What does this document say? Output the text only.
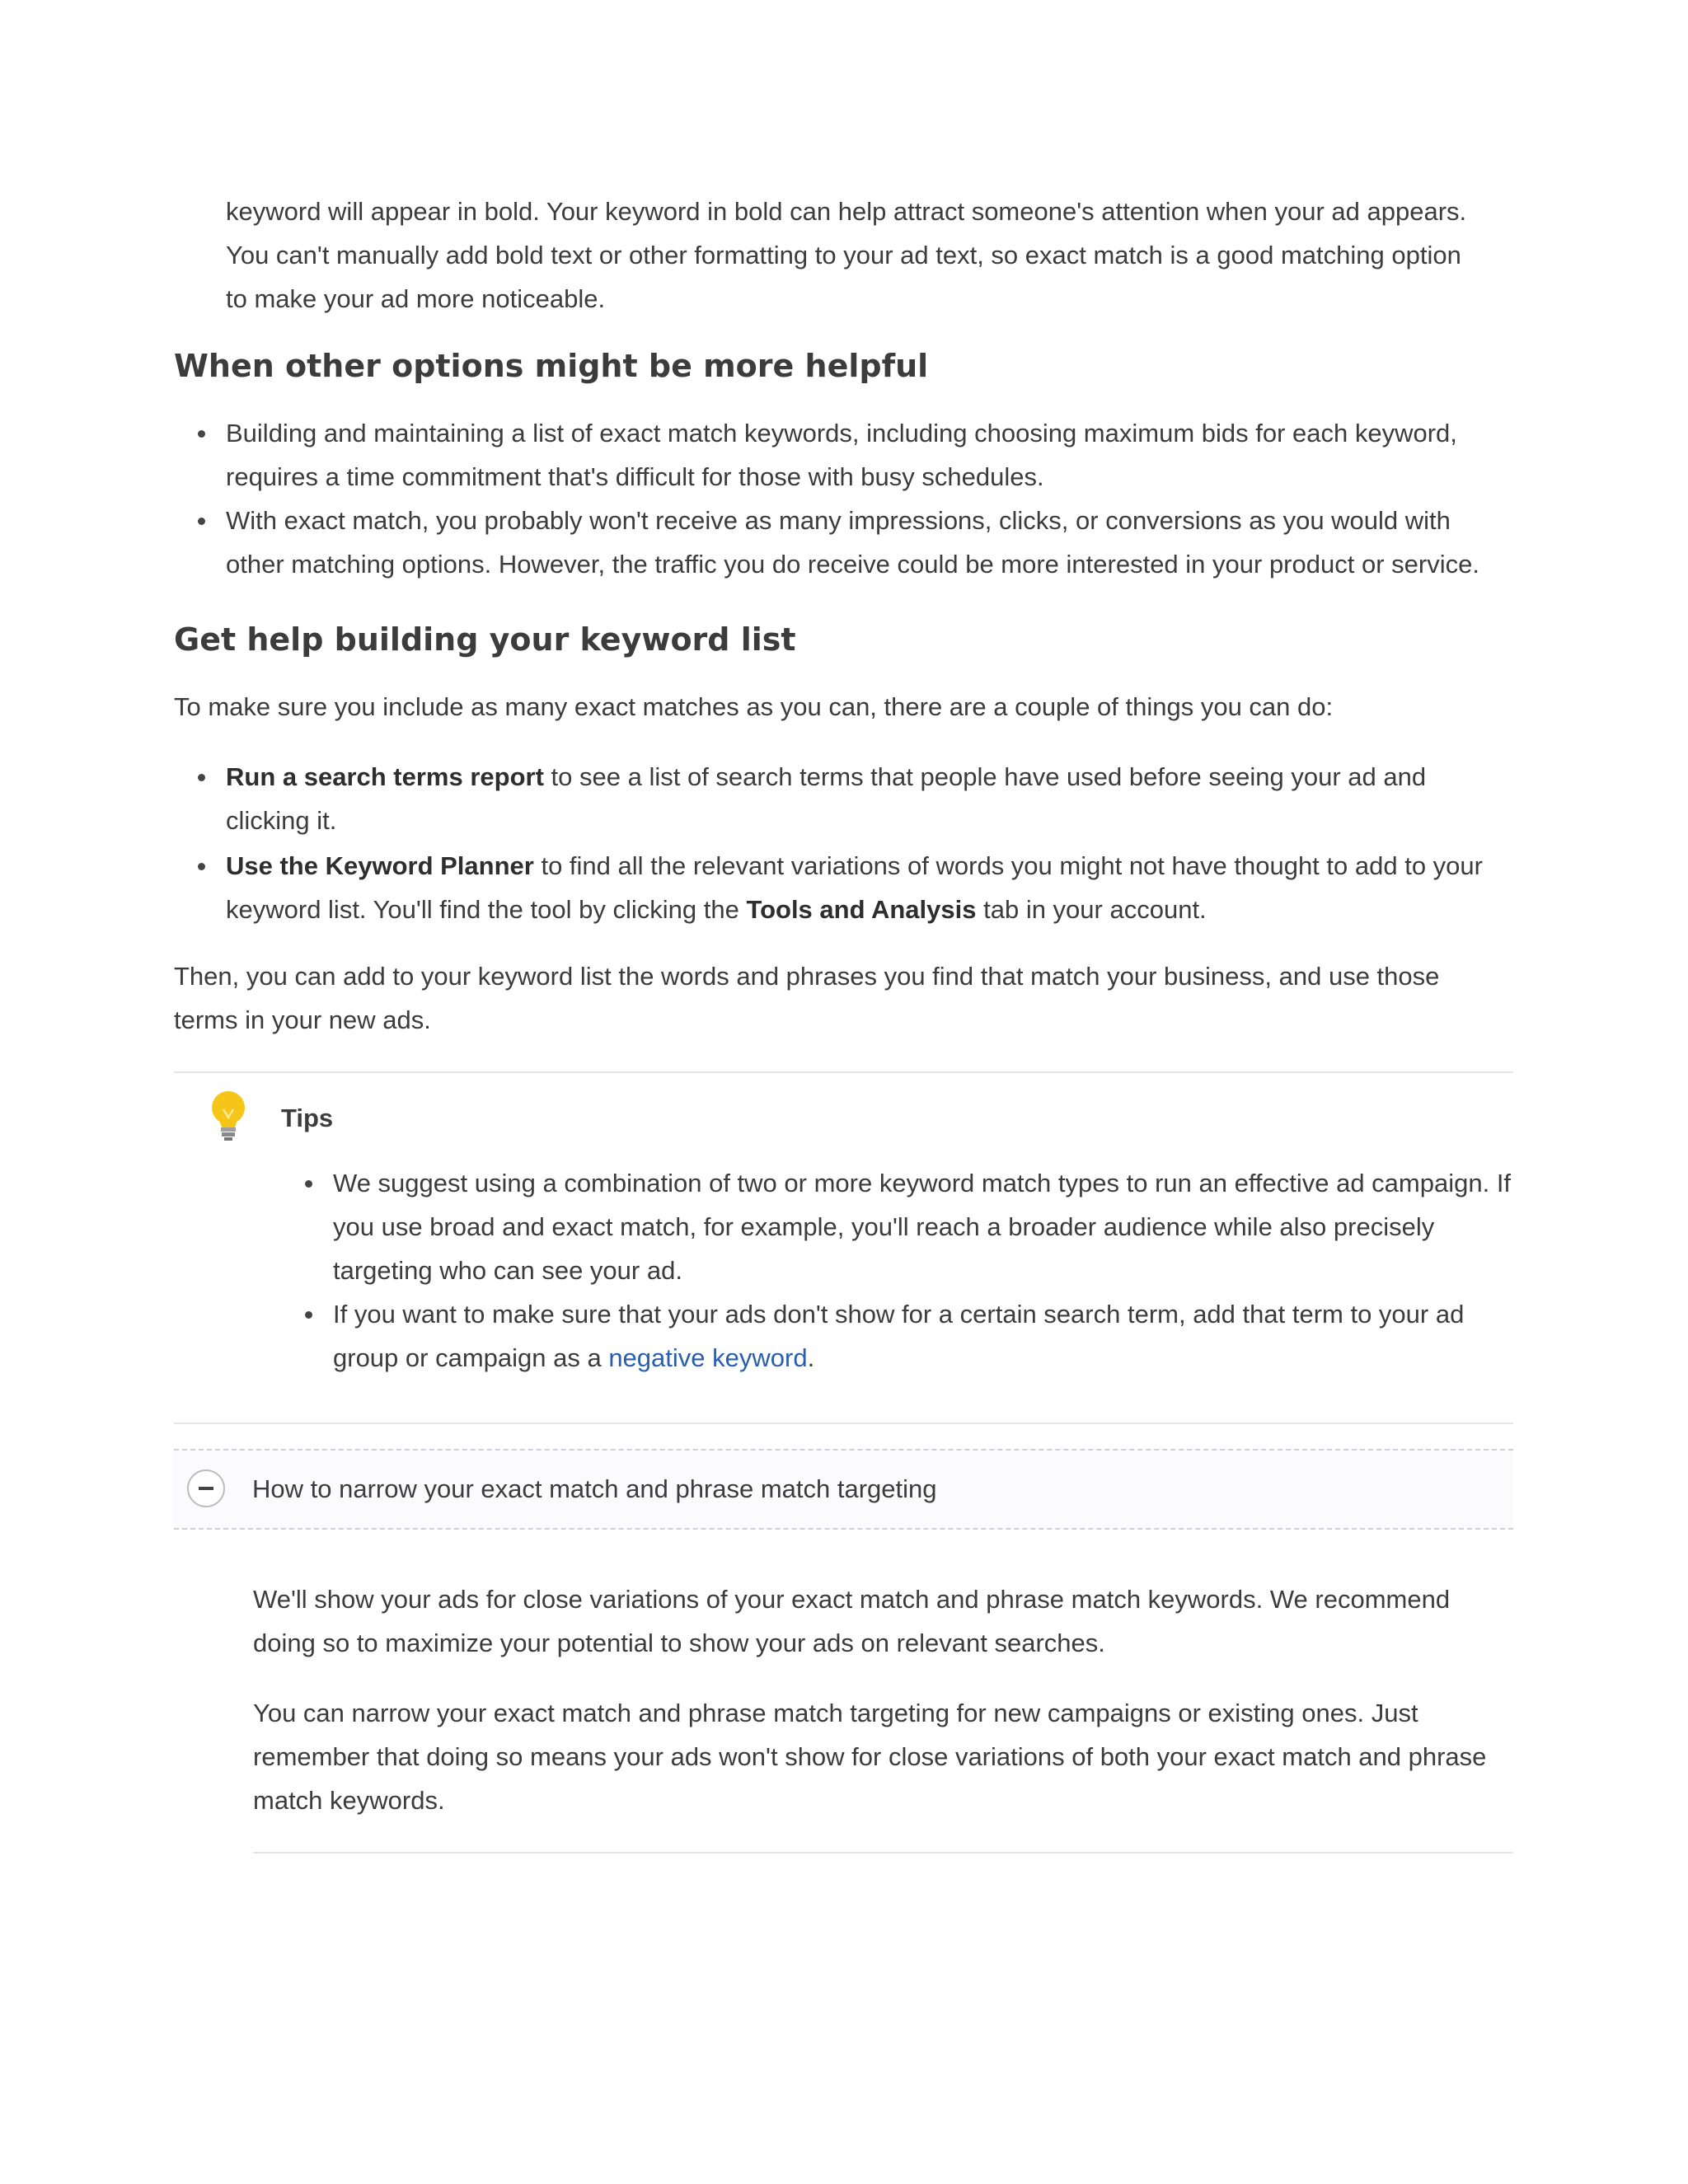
keyword will appear in bold. Your keyword in bold can help attract someone's attention when your ad appears.

You can't manually add bold text or other formatting to your ad text, so exact match is a good matching option

to make your ad more noticeable.

When other options might be more helpful
Building and maintaining a list of exact match keywords, including choosing maximum bids for each keyword, requires a time commitment that's difficult for those with busy schedules.
With exact match, you probably won't receive as many impressions, clicks, or conversions as you would with other matching options. However, the traffic you do receive could be more interested in your product or service.
Get help building your keyword list

To make sure you include as many exact matches as you can, there are a couple of things you can do:

Run a search terms report to see a list of search terms that people have used before seeing your ad and clicking it.
Use the Keyword Planner to find all the relevant variations of words you might not have thought to add to your keyword list. You'll find the tool by clicking the Tools and Analysis tab in your account.

Then, you can add to your keyword list the words and phrases you find that match your business, and use those terms in your new ads.

Tips
We suggest using a combination of two or more keyword match types to run an effective ad campaign. If you use broad and exact match, for example, you'll reach a broader audience while also precisely targeting who can see your ad.
If you want to make sure that your ads don't show for a certain search term, add that term to your ad group or campaign as a negative keyword.
How to narrow your exact match and phrase match targeting

We'll show your ads for close variations of your exact match and phrase match keywords. We recommend doing so to maximize your potential to show your ads on relevant searches.

You can narrow your exact match and phrase match targeting for new campaigns or existing ones. Just remember that doing so means your ads won't show for close variations of both your exact match and phrase match keywords.
